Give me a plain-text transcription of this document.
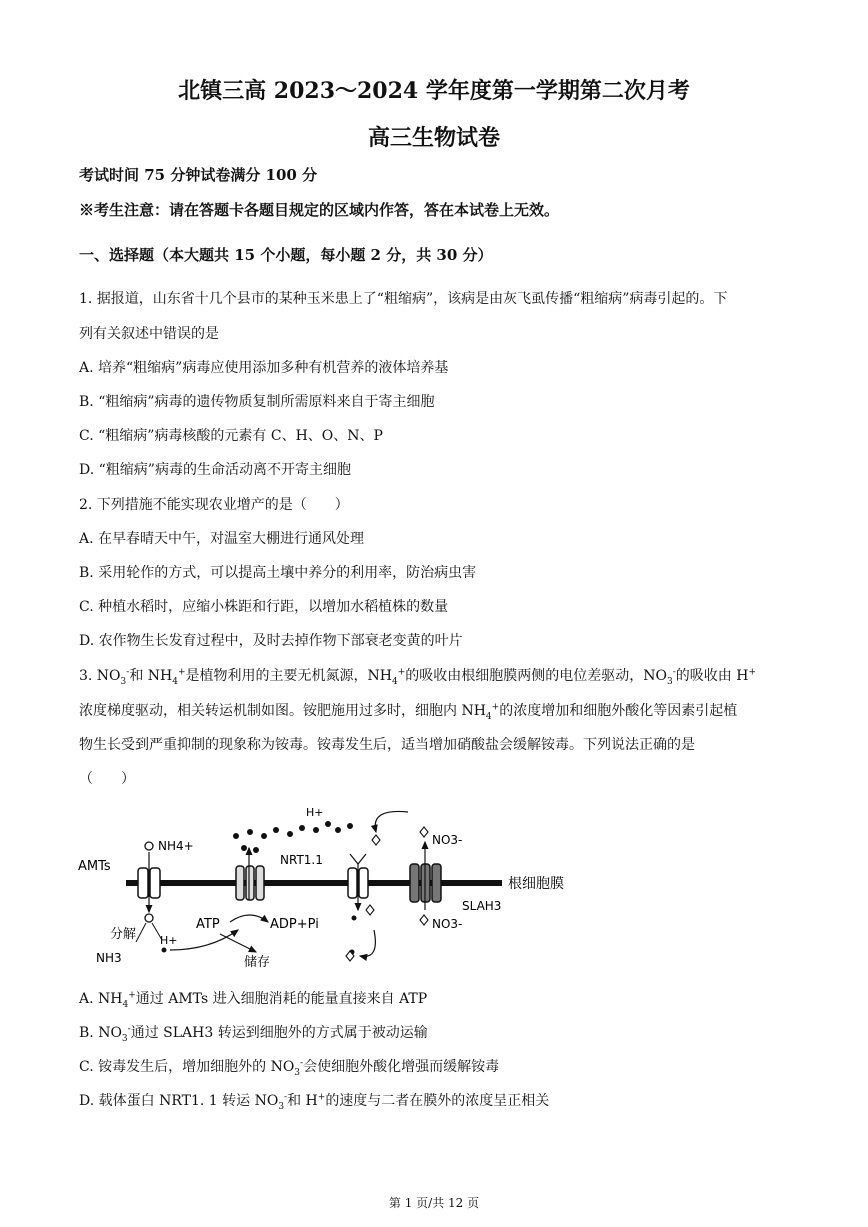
北镇三高 2023～2024 学年度第一学期第二次月考
高三生物试卷
考试时间 75 分钟试卷满分 100 分
※考生注意：请在答题卡各题目规定的区域内作答，答在本试卷上无效。
一、选择题（本大题共 15 个小题，每小题 2 分，共 30 分）
1. 据报道，山东省十几个县市的某种玉米患上了“粗缩病”，该病是由灰飞虱传播“粗缩病”病毒引起的。下
列有关叙述中错误的是
A. 培养“粗缩病”病毒应使用添加多种有机营养的液体培养基
B. “粗缩病”病毒的遗传物质复制所需原料来自于寄主细胞
C. “粗缩病”病毒核酸的元素有 C、H、O、N、P
D. “粗缩病”病毒的生命活动离不开寄主细胞
2. 下列措施不能实现农业增产的是（　　）
A. 在早春晴天中午，对温室大棚进行通风处理
B. 采用轮作的方式，可以提高土壤中养分的利用率，防治病虫害
C. 种植水稻时，应缩小株距和行距，以增加水稻植株的数量
D. 农作物生长发育过程中，及时去掉作物下部衰老变黄的叶片
3. $NO_3^-$和 $NH_4^+$是植物利用的主要无机氮源，$NH_4^+$的吸收由根细胞膜两侧的电位差驱动，$NO_3^-$的吸收由 H+
浓度梯度驱动，相关转运机制如图。铵肥施用过多时，细胞内 $NH_4^+$的浓度增加和细胞外酸化等因素引起植
物生长受到严重抑制的现象称为铵毒。铵毒发生后，适当增加硝酸盐会缓解铵毒。下列说法正确的是
（　　）
根细胞膜
AMTs
NH4+
分解
NH3
H+
H+
ATP	ADP+Pi
储存
NRT1.1
SLAH3
NO3-
NO3-
A. $NH_4^+$通过 AMTs 进入细胞消耗的能量直接来自 ATP
B. $NO_3^-$通过 SLAH3 转运到细胞外的方式属于被动运输
C. 铵毒发生后，增加细胞外的 $NO_3^-$会使细胞外酸化增强而缓解铵毒
D. 载体蛋白 NRT1. 1 转运 $NO_3^-$和 H+的速度与二者在膜外的浓度呈正相关
第 1 页/共 12 页
